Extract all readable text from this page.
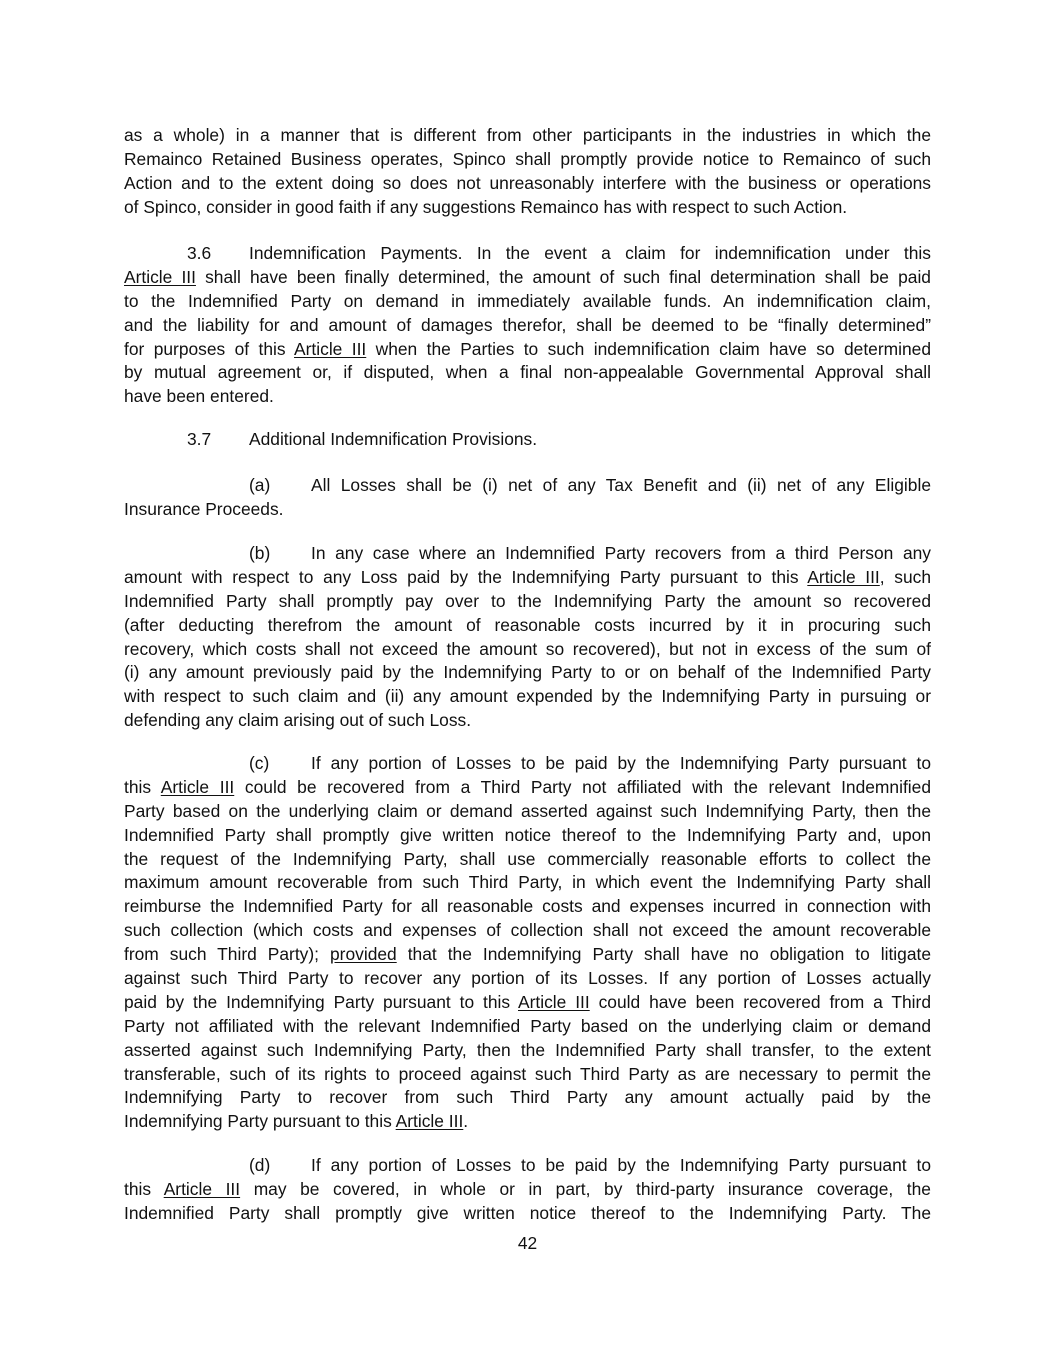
as a whole) in a manner that is different from other participants in the industries in which the
Remainco Retained Business operates, Spinco shall promptly provide notice to Remainco of such
Action and to the extent doing so does not unreasonably interfere with the business or operations
of Spinco, consider in good faith if any suggestions Remainco has with respect to such Action.
3.6	Indemnification Payments. In the event a claim for indemnification under this
Article III shall have been finally determined, the amount of such final determination shall be paid
to the Indemnified Party on demand in immediately available funds. An indemnification claim,
and the liability for and amount of damages therefor, shall be deemed to be “finally determined”
for purposes of this Article III when the Parties to such indemnification claim have so determined
by mutual agreement or, if disputed, when a final non-appealable Governmental Approval shall
have been entered.
3.7 Additional Indemnification Provisions.
(a)	All Losses shall be (i) net of any Tax Benefit and (ii) net of any Eligible
Insurance Proceeds.
(b)	In any case where an Indemnified Party recovers from a third Person any
amount with respect to any Loss paid by the Indemnifying Party pursuant to this Article III, such
Indemnified Party shall promptly pay over to the Indemnifying Party the amount so recovered
(after deducting therefrom the amount of reasonable costs incurred by it in procuring such
recovery, which costs shall not exceed the amount so recovered), but not in excess of the sum of
(i) any amount previously paid by the Indemnifying Party to or on behalf of the Indemnified Party
with respect to such claim and (ii) any amount expended by the Indemnifying Party in pursuing or
defending any claim arising out of such Loss.
(c)	If any portion of Losses to be paid by the Indemnifying Party pursuant to
this Article III could be recovered from a Third Party not affiliated with the relevant Indemnified
Party based on the underlying claim or demand asserted against such Indemnifying Party, then the
Indemnified Party shall promptly give written notice thereof to the Indemnifying Party and, upon
the request of the Indemnifying Party, shall use commercially reasonable efforts to collect the
maximum amount recoverable from such Third Party, in which event the Indemnifying Party shall
reimburse the Indemnified Party for all reasonable costs and expenses incurred in connection with
such collection (which costs and expenses of collection shall not exceed the amount recoverable
from such Third Party); provided that the Indemnifying Party shall have no obligation to litigate
against such Third Party to recover any portion of its Losses. If any portion of Losses actually
paid by the Indemnifying Party pursuant to this Article III could have been recovered from a Third
Party not affiliated with the relevant Indemnified Party based on the underlying claim or demand
asserted against such Indemnifying Party, then the Indemnified Party shall transfer, to the extent
transferable, such of its rights to proceed against such Third Party as are necessary to permit the
Indemnifying Party to recover from such Third Party any amount actually paid by the
Indemnifying Party pursuant to this Article III.
(d)	If any portion of Losses to be paid by the Indemnifying Party pursuant to
this Article III may be covered, in whole or in part, by third-party insurance coverage, the
Indemnified Party shall promptly give written notice thereof to the Indemnifying Party. The
42
